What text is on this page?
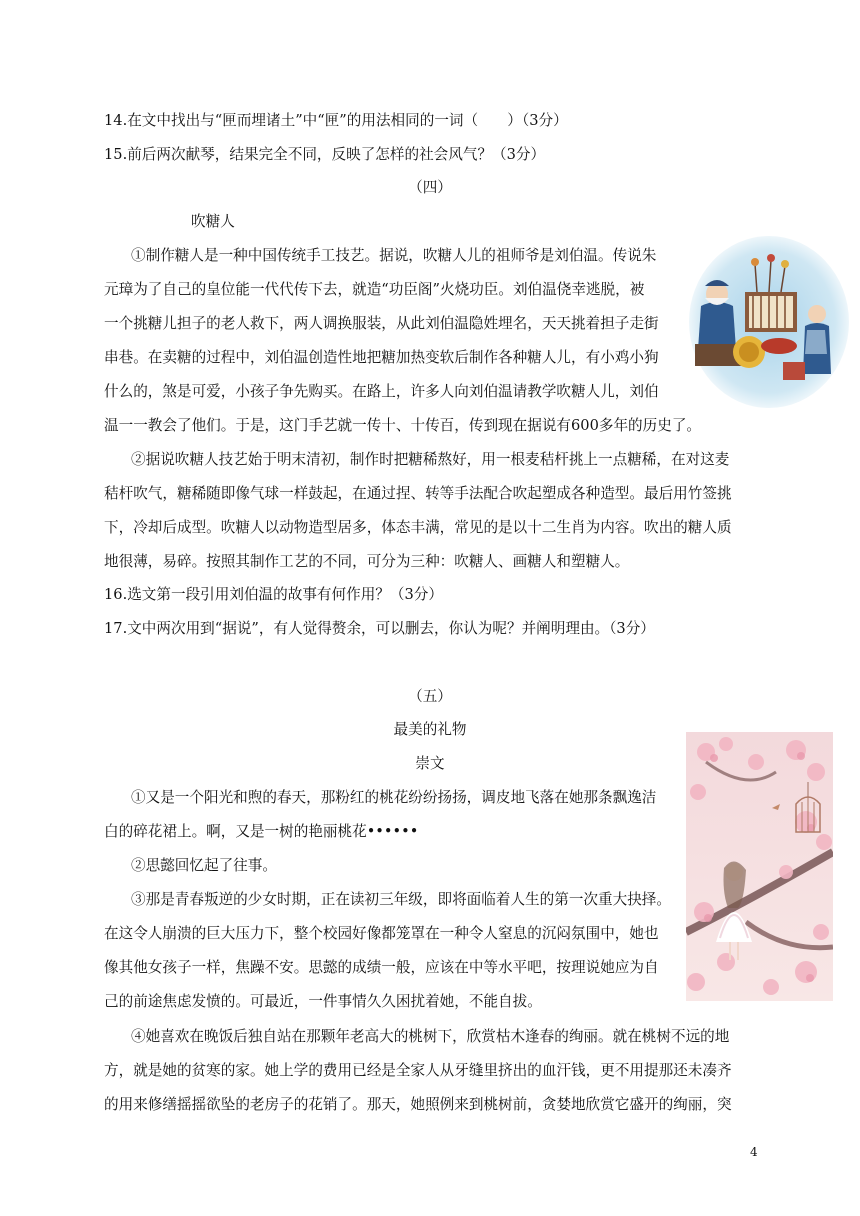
14.在文中找出与“匣而埋诸土”中“匣”的用法相同的一词（　　）（3分）
15.前后两次献琴，结果完全不同，反映了怎样的社会风气？（3分）
（四）
吹糖人
①制作糖人是一种中国传统手工技艺。据说，吹糖人儿的祖师爷是刘伯温。传说朱
元璋为了自己的皇位能一代代传下去，就造“功臣阁”火烧功臣。刘伯温侥幸逃脱，被
一个挑糖儿担子的老人救下，两人调换服装，从此刘伯温隐姓埋名，天天挑着担子走街
串巷。在卖糖的过程中，刘伯温创造性地把糖加热变软后制作各种糖人儿，有小鸡小狗
什么的，煞是可爱，小孩子争先购买。在路上，许多人向刘伯温请教学吹糖人儿，刘伯
温一一教会了他们。于是，这门手艺就一传十、十传百，传到现在据说有600多年的历史了。
②据说吹糖人技艺始于明末清初，制作时把糖稀熬好，用一根麦秸杆挑上一点糖稀，在对这麦
秸杆吹气，糖稀随即像气球一样鼓起，在通过捏、转等手法配合吹起塑成各种造型。最后用竹签挑
下，冷却后成型。吹糖人以动物造型居多，体态丰满，常见的是以十二生肖为内容。吹出的糖人质
地很薄，易碎。按照其制作工艺的不同，可分为三种：吹糖人、画糖人和塑糖人。
16.选文第一段引用刘伯温的故事有何作用？（3分）
17.文中两次用到“据说”，有人觉得赘余，可以删去，你认为呢？并阐明理由。（3分）
（五）
最美的礼物
崇文
①又是一个阳光和煦的春天，那粉红的桃花纷纷扬扬，调皮地飞落在她那条飘逸洁
白的碎花裙上。啊，又是一树的艳丽桃花••••••
②思懿回忆起了往事。
③那是青春叛逆的少女时期，正在读初三年级，即将面临着人生的第一次重大抉择。
在这令人崩溃的巨大压力下，整个校园好像都笼罩在一种令人窒息的沉闷氛围中，她也
像其他女孩子一样，焦躁不安。思懿的成绩一般，应该在中等水平吧，按理说她应为自
己的前途焦虑发愤的。可最近，一件事情久久困扰着她，不能自拔。
④她喜欢在晚饭后独自站在那颗年老高大的桃树下，欣赏枯木逢春的绚丽。就在桃树不远的地
方，就是她的贫寒的家。她上学的费用已经是全家人从牙缝里挤出的血汗钱，更不用提那还未凑齐
的用来修缮摇摇欲坠的老房子的花销了。那天，她照例来到桃树前，贪婪地欣赏它盛开的绚丽，突
4
